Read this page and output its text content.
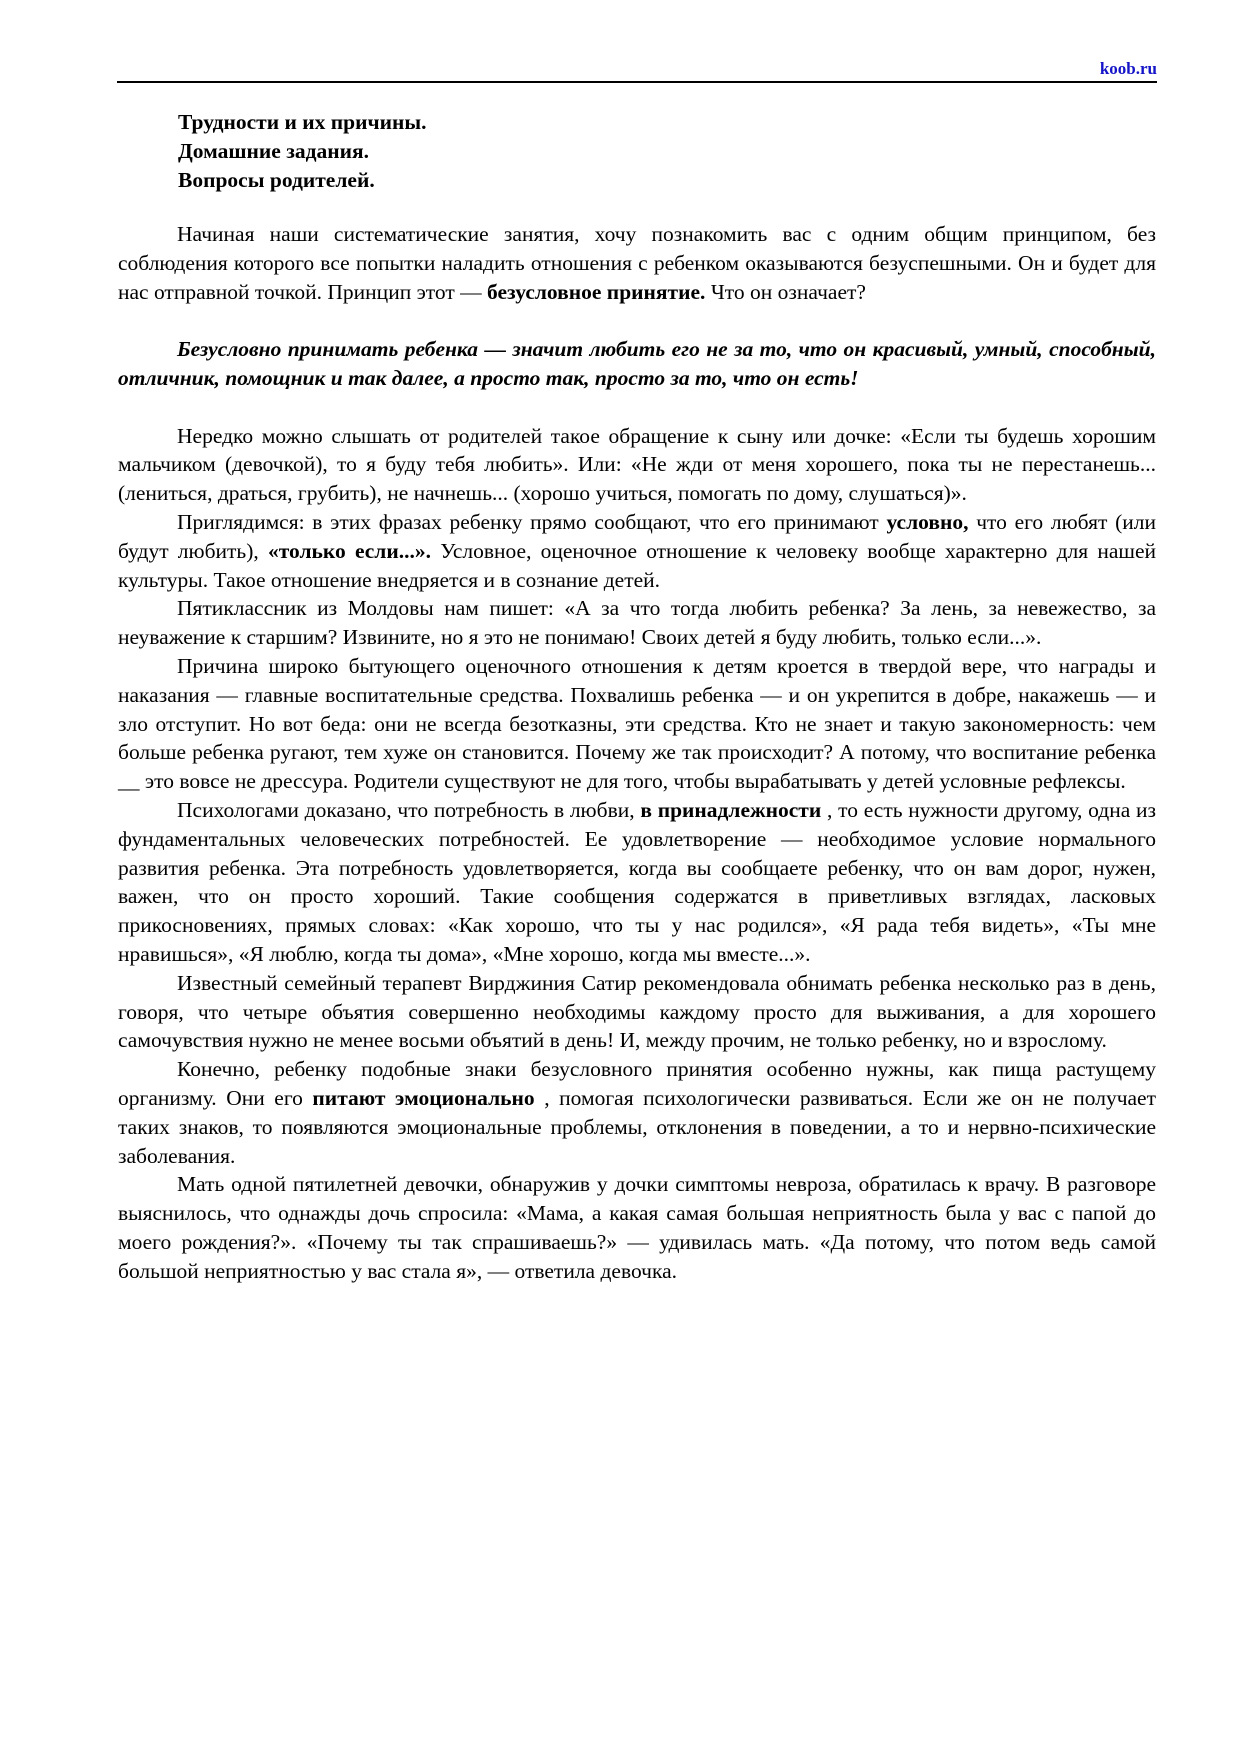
koob.ru
Трудности и их причины.
Домашние задания.
Вопросы родителей.

Начиная наши систематические занятия, хочу познакомить вас с одним общим принципом, без соблюдения которого все попытки наладить отношения с ребенком оказываются безуспешными. Он и будет для нас отправной точкой. Принцип этот — безусловное принятие. Что он означает?

Безусловно принимать ребенка — значит любить его не за то, что он красивый, умный, способный, отличник, помощник и так далее, а просто так, просто за то, что он есть!

Нередко можно слышать от родителей такое обращение к сыну или дочке: «Если ты будешь хорошим мальчиком (девочкой), то я буду тебя любить». Или: «Не жди от меня хорошего, пока ты не перестанешь... (лениться, драться, грубить), не начнешь... (хорошо учиться, помогать по дому, слушаться)».

Приглядимся: в этих фразах ребенку прямо сообщают, что его принимают условно, что его любят (или будут любить), «только если...». Условное, оценочное отношение к человеку вообще характерно для нашей культуры. Такое отношение внедряется и в сознание детей.

Пятиклассник из Молдовы нам пишет: «А за что тогда любить ребенка? За лень, за невежество, за неуважение к старшим? Извините, но я это не понимаю! Своих детей я буду любить, только если...».

Причина широко бытующего оценочного отношения к детям кроется в твердой вере, что награды и наказания — главные воспитательные средства. Похвалишь ребенка — и он укрепится в добре, накажешь — и зло отступит. Но вот беда: они не всегда безотказны, эти средства. Кто не знает и такую закономерность: чем больше ребенка ругают, тем хуже он становится. Почему же так происходит? А потому, что воспитание ребенка __ это вовсе не дрессура. Родители существуют не для того, чтобы вырабатывать у детей условные рефлексы.

Психологами доказано, что потребность в любви, в принадлежности , то есть нужности другому, одна из фундаментальных человеческих потребностей. Ее удовлетворение — необходимое условие нормального развития ребенка. Эта потребность удовлетворяется, когда вы сообщаете ребенку, что он вам дорог, нужен, важен, что он просто хороший. Такие сообщения содержатся в приветливых взглядах, ласковых прикосновениях, прямых словах: «Как хорошо, что ты у нас родился», «Я рада тебя видеть», «Ты мне нравишься», «Я люблю, когда ты дома», «Мне хорошо, когда мы вместе...».

Известный семейный терапевт Вирджиния Сатир рекомендовала обнимать ребенка несколько раз в день, говоря, что четыре объятия совершенно необходимы каждому просто для выживания, а для хорошего самочувствия нужно не менее восьми объятий в день! И, между прочим, не только ребенку, но и взрослому.

Конечно, ребенку подобные знаки безусловного принятия особенно нужны, как пища растущему организму. Они его питают эмоционально , помогая психологически развиваться. Если же он не получает таких знаков, то появляются эмоциональные проблемы, отклонения в поведении, а то и нервно-психические заболевания.

Мать одной пятилетней девочки, обнаружив у дочки симптомы невроза, обратилась к врачу. В разговоре выяснилось, что однажды дочь спросила: «Мама, а какая самая большая неприятность была у вас с папой до моего рождения?». «Почему ты так спрашиваешь?» — удивилась мать. «Да потому, что потом ведь самой большой неприятностью у вас стала я», — ответила девочка.
